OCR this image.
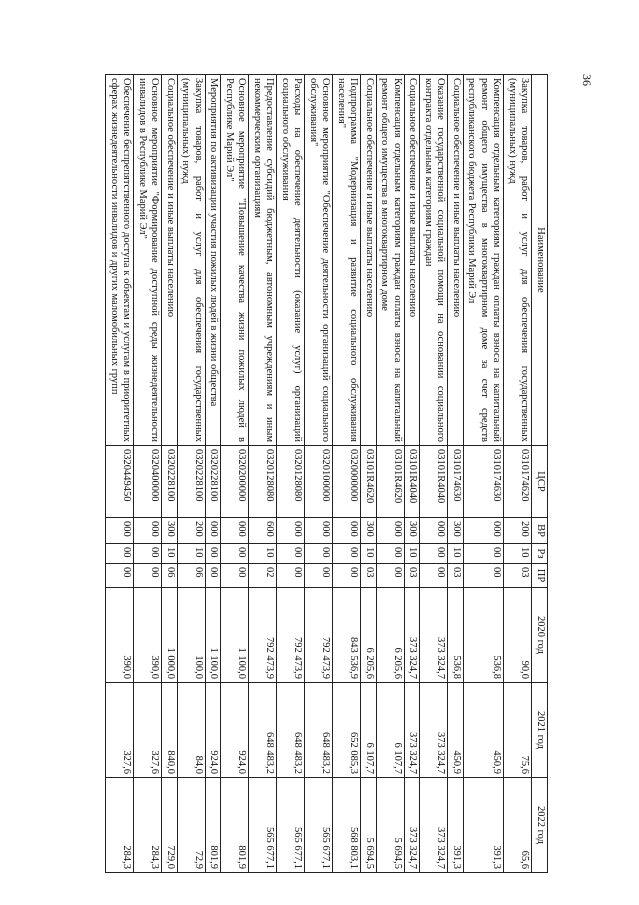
36
Наименование	ЦСР	ВР	Рз	ПР	2020 год	2021 год	2022 год
Закупка товаров, работ и услуг для обеспечения государственных (муниципальных) нужд	0310174620	200	10	03	90,0	75,6	65,6
Компенсация отдельным категориям граждан оплаты взноса на капитальный ремонт общего имущества в многоквартирном доме за счет средств республиканского бюджета Республики Марий Эл	0310174630	000	00	00	536,8	450,9	391,3
Социальное обеспечение и иные выплаты населению	0310174630	300	10	03	536,8	450,9	391,3
Оказание государственной социальной помощи на основании социального контракта отдельным категориям граждан	03101R4040	000	00	00	373 324,7	373 324,7	373 324,7
Социальное обеспечение и иные выплаты населению	03101R4040	300	10	03	373 324,7	373 324,7	373 324,7
Компенсация отдельным категориям граждан оплаты взноса на капитальный ремонт общего имущества в многоквартирном доме	03101R4620	000	00	00	6 205,6	6 107,7	5 694,5
Социальное обеспечение и иные выплаты населению	03101R4620	300	10	03	6 205,6	6 107,7	5 694,5
Подпрограмма "Модернизация и развитие социального обслуживания населения"	0320000000	000	00	00	843 536,9	652 085,3	568 803,1
Основное мероприятие "Обеспечение деятельности организаций социального обслуживания"	0320100000	000	00	00	792 473,9	648 483,2	565 677,1
Расходы на обеспечение деятельности (оказание услуг) организаций социального обслуживания	0320128080	000	00	00	792 473,9	648 483,2	565 677,1
Предоставление субсидий бюджетным, автономным учреждениям и иным некоммерческим организациям	0320128080	600	10	02	792 473,9	648 483,2	565 677,1
Основное мероприятие "Повышение качества жизни пожилых людей в Республике Марий Эл"	0320200000	000	00	00	1 100,0	924,0	801,9
Мероприятия по активизации участия пожилых людей в жизни общества	0320228100	000	00	00	1 100,0	924,0	801,9
Закупка товаров, работ и услуг для обеспечения государственных (муниципальных) нужд	0320228100	200	10	06	100,0	84,0	72,9
Социальное обеспечение и иные выплаты населению	0320228100	300	10	06	1 000,0	840,0	729,0
Основное мероприятие "Формирование доступной среды жизнедеятельности инвалидов в Республике Марий Эл"	0320400000	000	00	00	390,0	327,6	284,3
Обеспечение беспрепятственного доступа к объектам и услугам в приоритетных сферах жизнедеятельности инвалидов и других маломобильных групп	0320449450	000	00	00	390,0	327,6	284,3
